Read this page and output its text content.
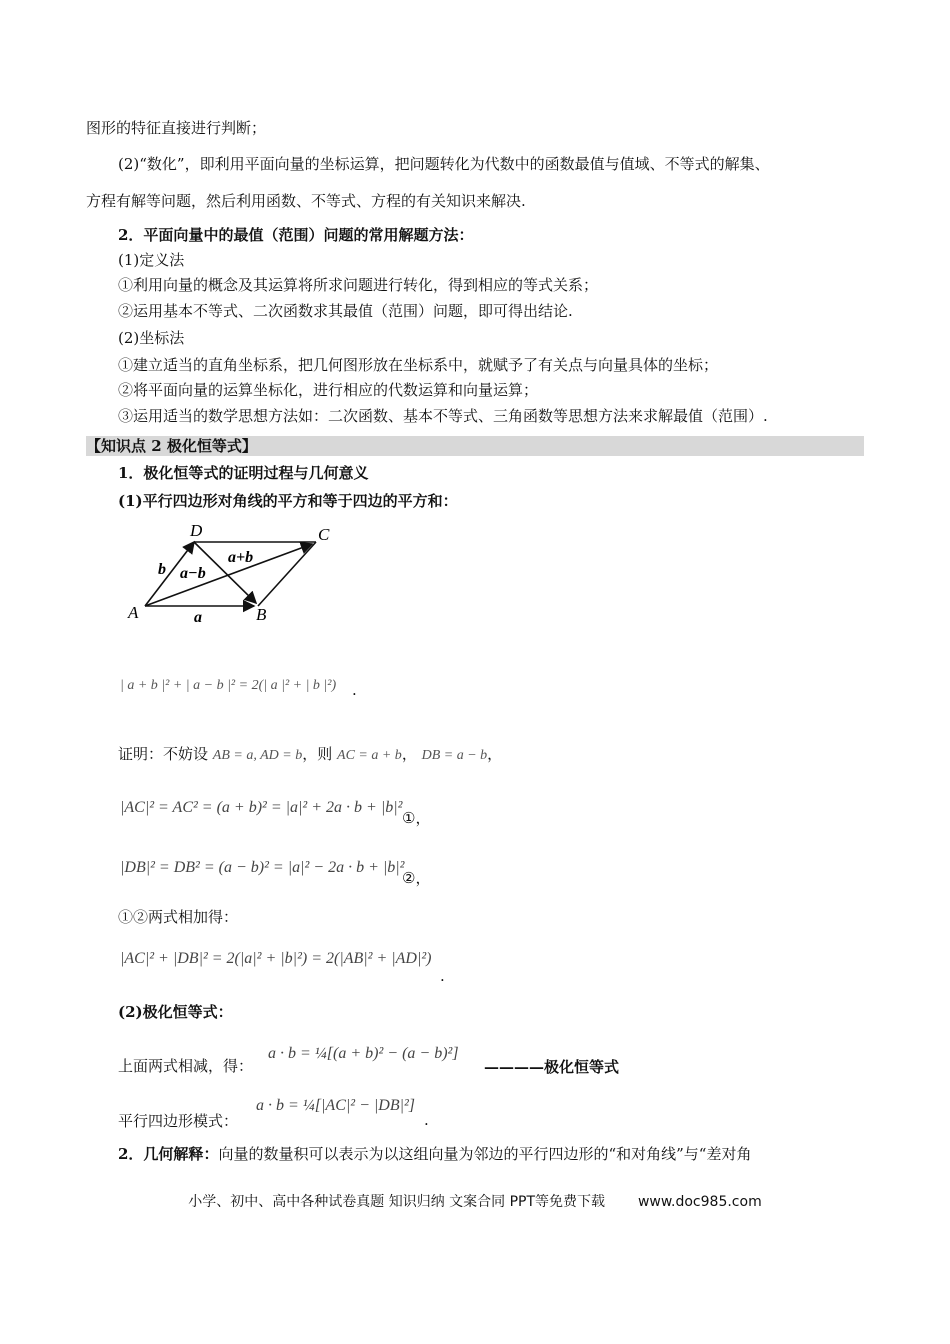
图形的特征直接进行判断；
(2)“数化”，即利用平面向量的坐标运算，把问题转化为代数中的函数最值与值域、不等式的解集、
方程有解等问题，然后利用函数、不等式、方程的有关知识来解决.
2．平面向量中的最值（范围）问题的常用解题方法：
(1)定义法
①利用向量的概念及其运算将所求问题进行转化，得到相应的等式关系；
②运用基本不等式、二次函数求其最值（范围）问题，即可得出结论.
(2)坐标法
①建立适当的直角坐标系，把几何图形放在坐标系中，就赋予了有关点与向量具体的坐标；
②将平面向量的运算坐标化，进行相应的代数运算和向量运算；
③运用适当的数学思想方法如：二次函数、基本不等式、三角函数等思想方法来求解最值（范围）.
【知识点 2 极化恒等式】
1．极化恒等式的证明过程与几何意义
(1)平行四边形对角线的平方和等于四边的平方和：
D	C
A	B
b
a
a−b
a+b
| a + b |² + | a − b |² = 2(| a |² + | b |²) .
证明：不妨设 AB = a, AD = b，则 AC = a + b， DB = a − b，
|AC|² = AC² = (a + b)² = |a|² + 2a · b + |b|²
①，
|DB|² = DB² = (a − b)² = |a|² − 2a · b + |b|²
②，
①②两式相加得：
|AC|² + |DB|² = 2(|a|² + |b|²) = 2(|AB|² + |AD|²)
.
(2)极化恒等式：
上面两式相减，得：
a · b = ¼[(a + b)² − (a − b)²]
————极化恒等式
平行四边形模式：
a · b = ¼[|AC|² − |DB|²]
.
2．几何解释：向量的数量积可以表示为以这组向量为邻边的平行四边形的“和对角线”与“差对角
小学、初中、高中各种试卷真题 知识归纳 文案合同 PPT等免费下载 www.doc985.com
